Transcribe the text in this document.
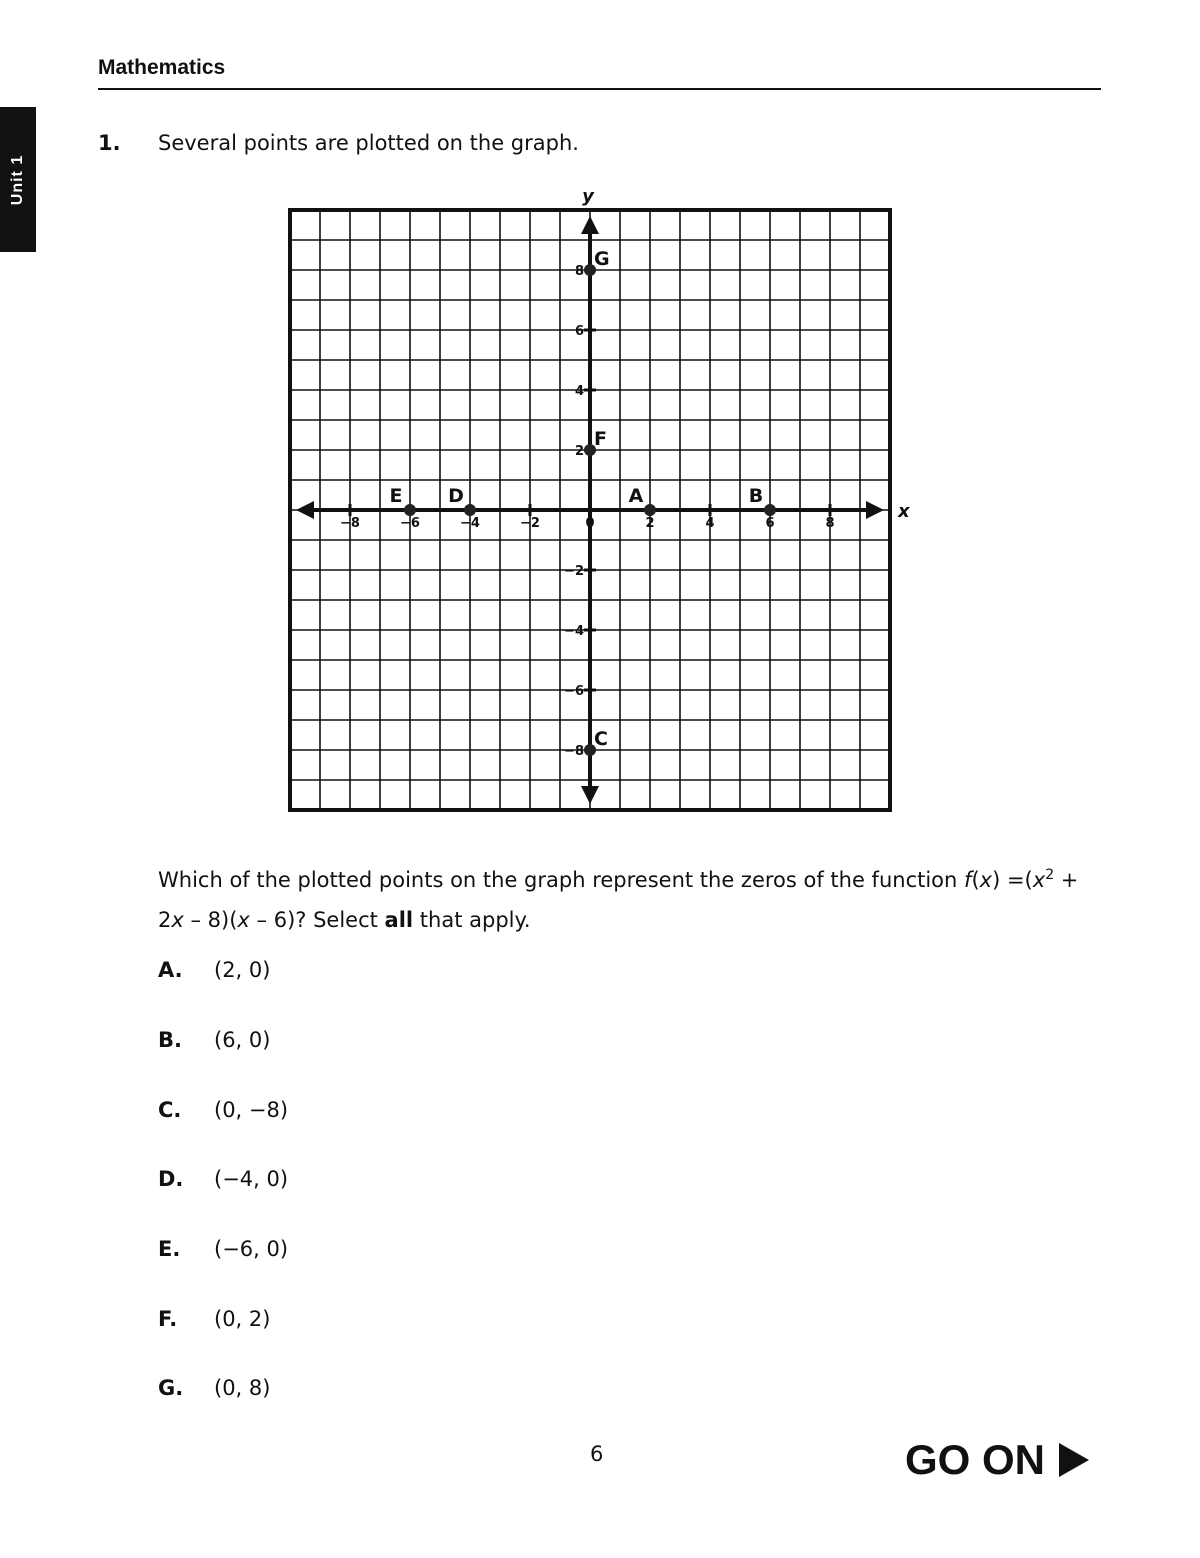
Mathematics
Unit 1
1. Several points are plotted on the graph.
x
y
−8	−6	−4	−2	0	2	4	6	8
8
6
4
2
−2
−4
−6
−8
A	B
C
D
E
F
G
Which of the plotted points on the graph represent the zeros of the function $f(x) =(x^2 + 2x - 8)(x - 6)$? Select all that apply.
A. (2, 0)
B. (6, 0)
C. (0, −8)
D. (−4, 0)
E. (−6, 0)
F. (0, 2)
G. (0, 8)
6	GO ON
